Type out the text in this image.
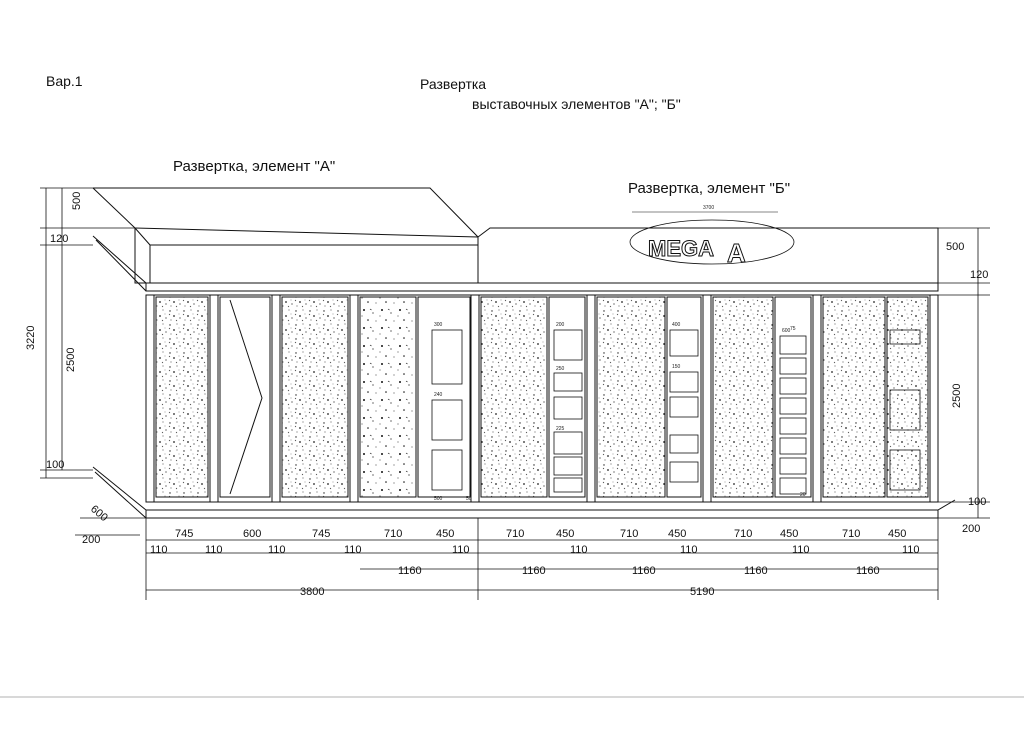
Вар.1	Развертка
выставочных элементов "А"; "Б"
Развертка, элемент "А"
Развертка, элемент "Б"
MEGA A
3700
300	200	400
600
240
75
250
500
150
225
50
20
500
120
3220
2500
100
600
200
500
120
2500
100
200
745	600	745	710	450	710	450	710	450	710	450	710	450
110	110	110	110	110	110	110	110	110
1160	1160	1160	1160	1160
3800	5190
